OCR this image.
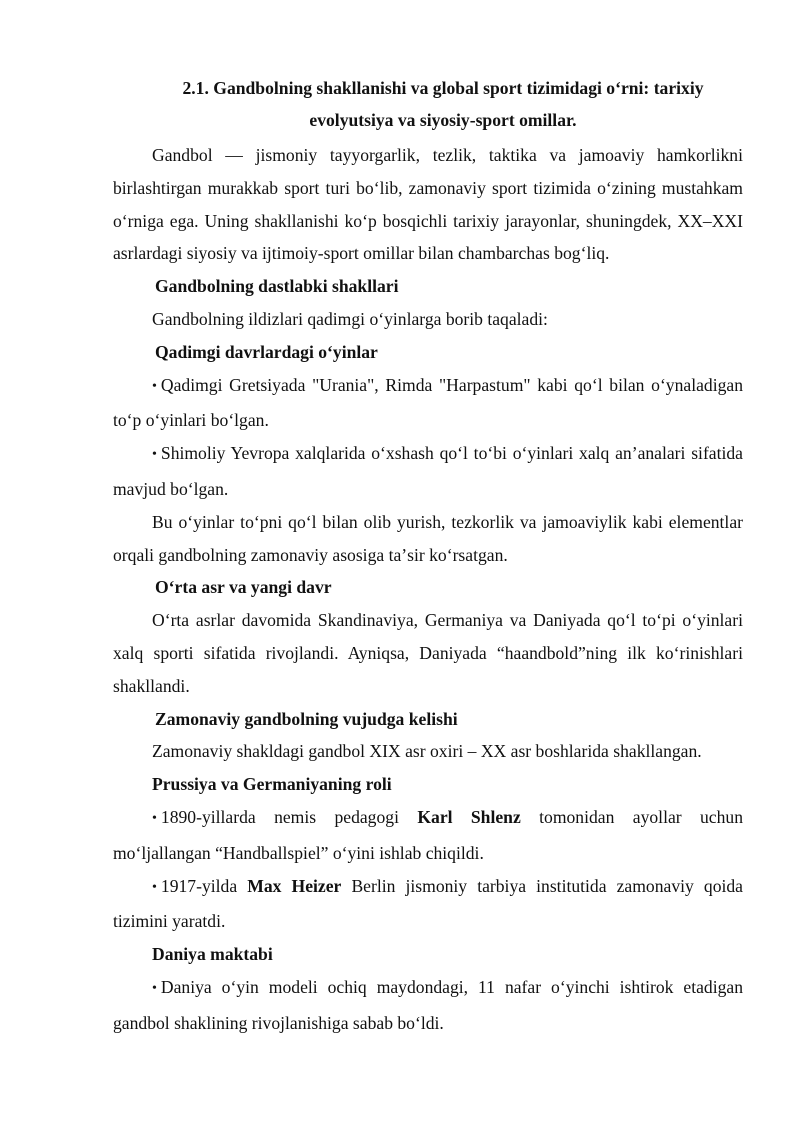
2.1. Gandbolning shakllanishi va global sport tizimidagi oʻrni: tarixiy
evolyutsiya va siyosiy-sport omillar.

Gandbol — jismoniy tayyorgarlik, tezlik, taktika va jamoaviy hamkorlikni birlashtirgan murakkab sport turi boʻlib, zamonaviy sport tizimida oʻzining mustahkam oʻrniga ega. Uning shakllanishi koʻp bosqichli tarixiy jarayonlar, shuningdek, XX–XXI asrlardagi siyosiy va ijtimoiy-sport omillar bilan chambarchas bogʻliq.

Gandbolning dastlabki shakllari

Gandbolning ildizlari qadimgi oʻyinlarga borib taqaladi:

Qadimgi davrlardagi oʻyinlar

• Qadimgi Gretsiyada "Urania", Rimda "Harpastum" kabi qoʻl bilan oʻynaladigan toʻp oʻyinlari boʻlgan.

• Shimoliy Yevropa xalqlarida oʻxshash qoʻl toʻbi oʻyinlari xalq anʼanalari sifatida mavjud boʻlgan.

Bu oʻyinlar toʻpni qoʻl bilan olib yurish, tezkorlik va jamoaviylik kabi elementlar orqali gandbolning zamonaviy asosiga taʼsir koʻrsatgan.

Oʻrta asr va yangi davr

Oʻrta asrlar davomida Skandinaviya, Germaniya va Daniyada qoʻl toʻpi oʻyinlari xalq sporti sifatida rivojlandi. Ayniqsa, Daniyada “haandbold”ning ilk koʻrinishlari shakllandi.

Zamonaviy gandbolning vujudga kelishi

Zamonaviy shakldagi gandbol XIX asr oxiri – XX asr boshlarida shakllangan.

Prussiya va Germaniyaning roli

• 1890-yillarda nemis pedagogi Karl Shlenz tomonidan ayollar uchun moʻljallangan “Handballspiel” oʻyini ishlab chiqildi.

• 1917-yilda Max Heizer Berlin jismoniy tarbiya institutida zamonaviy qoida tizimini yaratdi.

Daniya maktabi

• Daniya oʻyin modeli ochiq maydondagi, 11 nafar oʻyinchi ishtirok etadigan gandbol shaklining rivojlanishiga sabab boʻldi.
